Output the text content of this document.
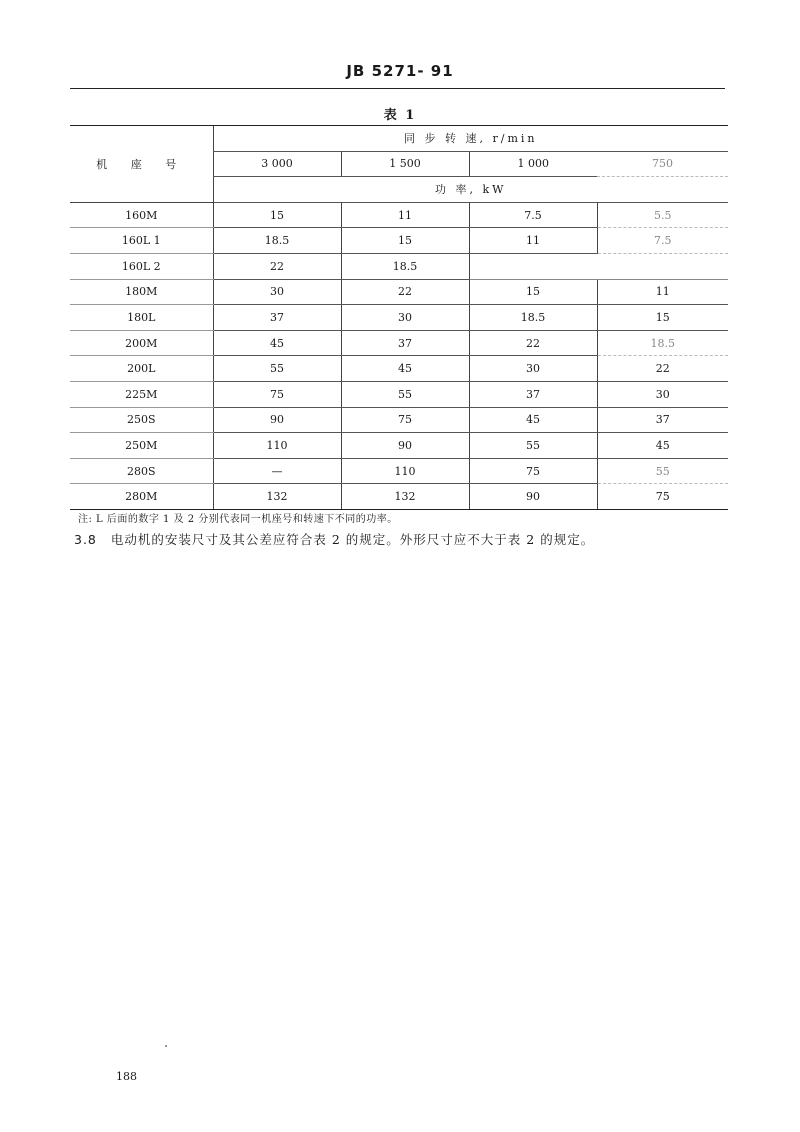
JB 5271- 91
表 1
机 座 号	同 步 转 速, r/min			
	3 000	1 500	1 000	750
	功 率, kW			
160M	15	11	7.5	5.5
160L 1	18.5	15	11	7.5
160L 2	22	18.5		
180M	30	22	15	11
180L	37	30	18.5	15
200M	45	37	22	18.5
200L	55	45	30	22
225M	75	55	37	30
250S	90	75	45	37
250M	110	90	55	45
280S	—	110	75	55
280M	132	132	90	75
注: L 后面的数字 1 及 2 分别代表同一机座号和转速下不同的功率。
3.8 电动机的安装尺寸及其公差应符合表 2 的规定。外形尺寸应不大于表 2 的规定。
188
